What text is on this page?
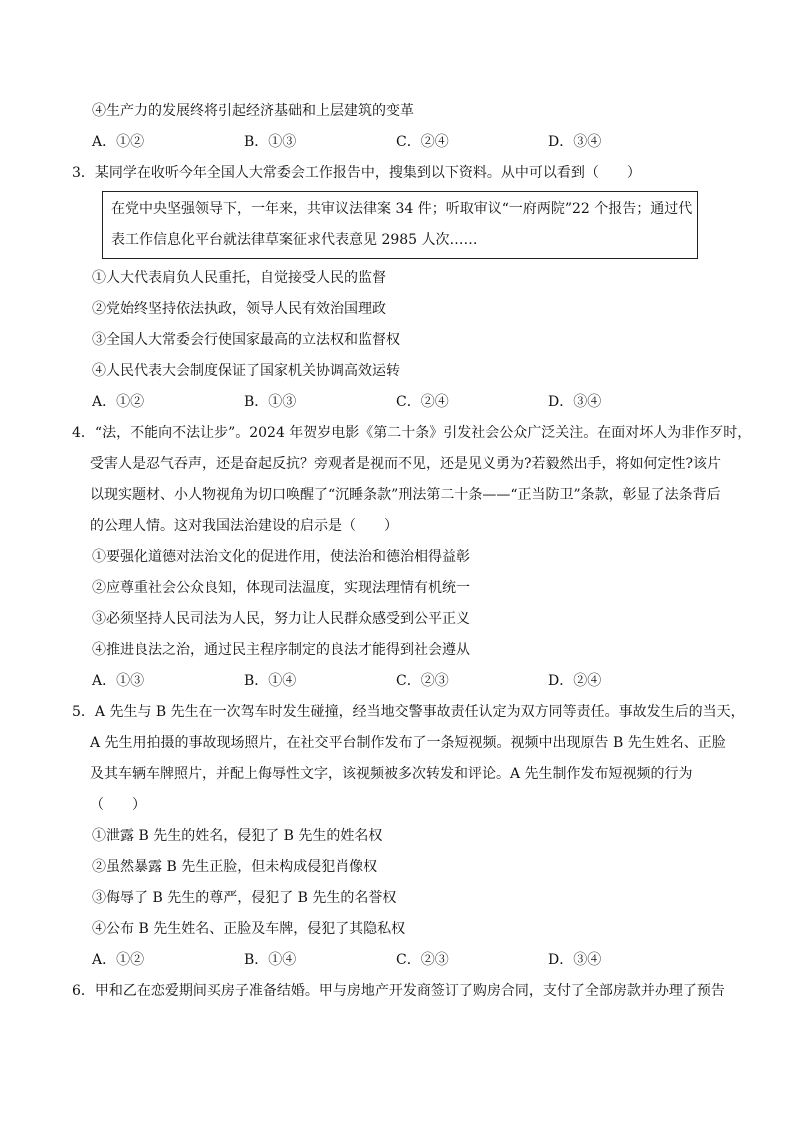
④生产力的发展终将引起经济基础和上层建筑的变革
A．①②	B．①③	C．②④	D．③④
3．某同学在收听今年全国人大常委会工作报告中，搜集到以下资料。从中可以看到（　　）
在党中央坚强领导下，一年来，共审议法律案 34 件；听取审议“一府两院”22 个报告；通过代
表工作信息化平台就法律草案征求代表意见 2985 人次……
①人大代表肩负人民重托，自觉接受人民的监督
②党始终坚持依法执政，领导人民有效治国理政
③全国人大常委会行使国家最高的立法权和监督权
④人民代表大会制度保证了国家机关协调高效运转
A．①②	B．①③	C．②④	D．③④
4．“法，不能向不法让步”。2024 年贺岁电影《第二十条》引发社会公众广泛关注。在面对坏人为非作歹时，
受害人是忍气吞声，还是奋起反抗？旁观者是视而不见，还是见义勇为?若毅然出手，将如何定性?该片
以现实题材、小人物视角为切口唤醒了“沉睡条款”刑法第二十条——“正当防卫”条款，彰显了法条背后
的公理人情。这对我国法治建设的启示是（　　）
①要强化道德对法治文化的促进作用，使法治和德治相得益彰
②应尊重社会公众良知，体现司法温度，实现法理情有机统一
③必须坚持人民司法为人民，努力让人民群众感受到公平正义
④推进良法之治，通过民主程序制定的良法才能得到社会遵从
A．①③	B．①④	C．②③	D．②④
5．A 先生与 B 先生在一次驾车时发生碰撞，经当地交警事故责任认定为双方同等责任。事故发生后的当天，
A 先生用拍摄的事故现场照片，在社交平台制作发布了一条短视频。视频中出现原告 B 先生姓名、正脸
及其车辆车牌照片，并配上侮辱性文字，该视频被多次转发和评论。A 先生制作发布短视频的行为
（　　）
①泄露 B 先生的姓名，侵犯了 B 先生的姓名权
②虽然暴露 B 先生正脸，但未构成侵犯肖像权
③侮辱了 B 先生的尊严，侵犯了 B 先生的名誉权
④公布 B 先生姓名、正脸及车牌，侵犯了其隐私权
A．①②	B．①④	C．②③	D．③④
6．甲和乙在恋爱期间买房子准备结婚。甲与房地产开发商签订了购房合同，支付了全部房款并办理了预告
